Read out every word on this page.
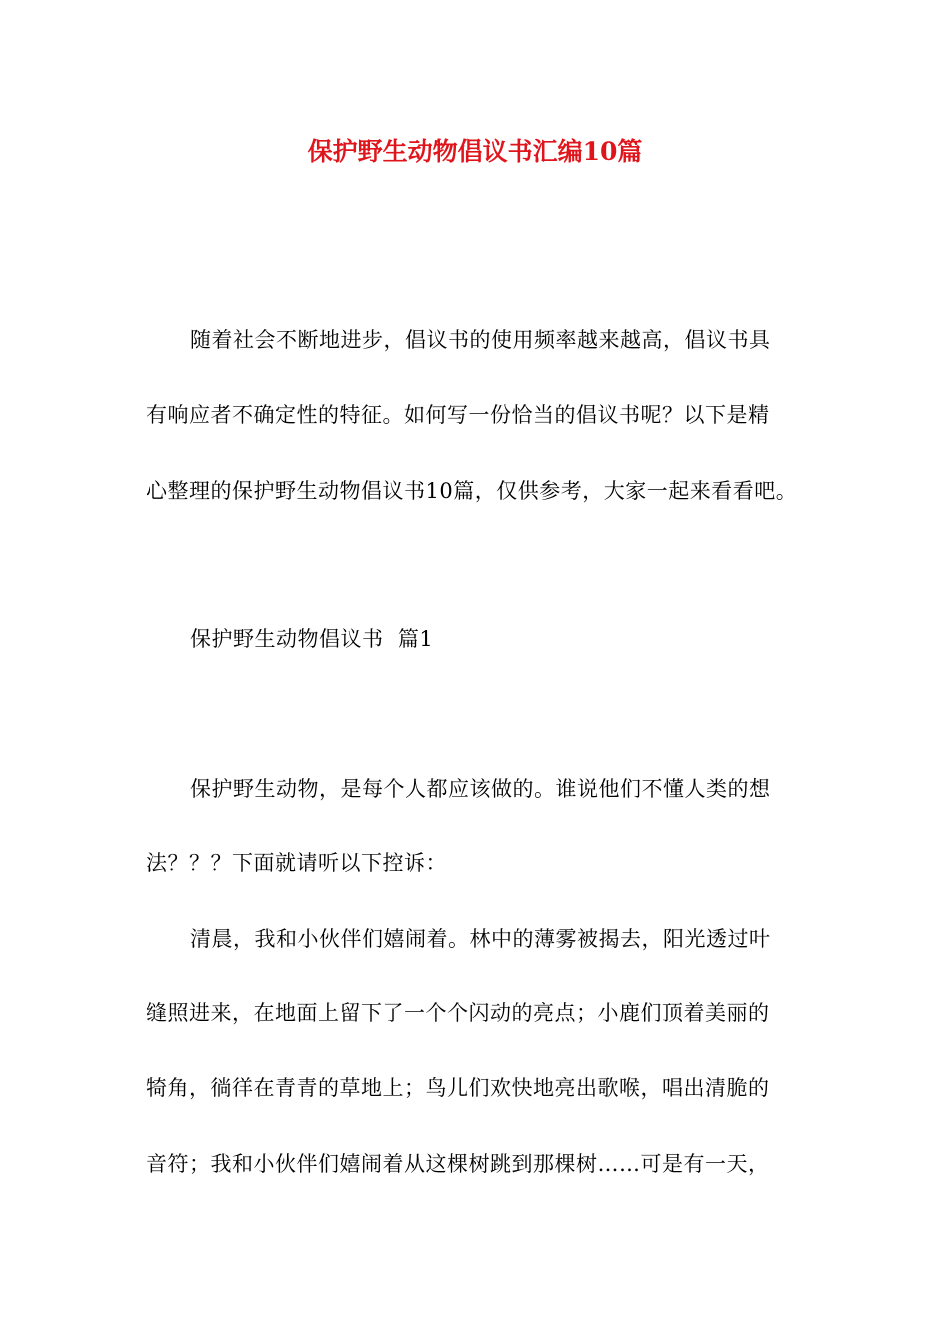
保护野生动物倡议书汇编10篇
随着社会不断地进步，倡议书的使用频率越来越高，倡议书具
有响应者不确定性的特征。如何写一份恰当的倡议书呢？以下是精
心整理的保护野生动物倡议书10篇，仅供参考，大家一起来看看吧。
保护野生动物倡议书  篇1
保护野生动物，是每个人都应该做的。谁说他们不懂人类的想
法？？？下面就请听以下控诉：
清晨，我和小伙伴们嬉闹着。林中的薄雾被揭去，阳光透过叶
缝照进来，在地面上留下了一个个闪动的亮点；小鹿们顶着美丽的
犄角，徜徉在青青的草地上；鸟儿们欢快地亮出歌喉，唱出清脆的
音符；我和小伙伴们嬉闹着从这棵树跳到那棵树……可是有一天，
